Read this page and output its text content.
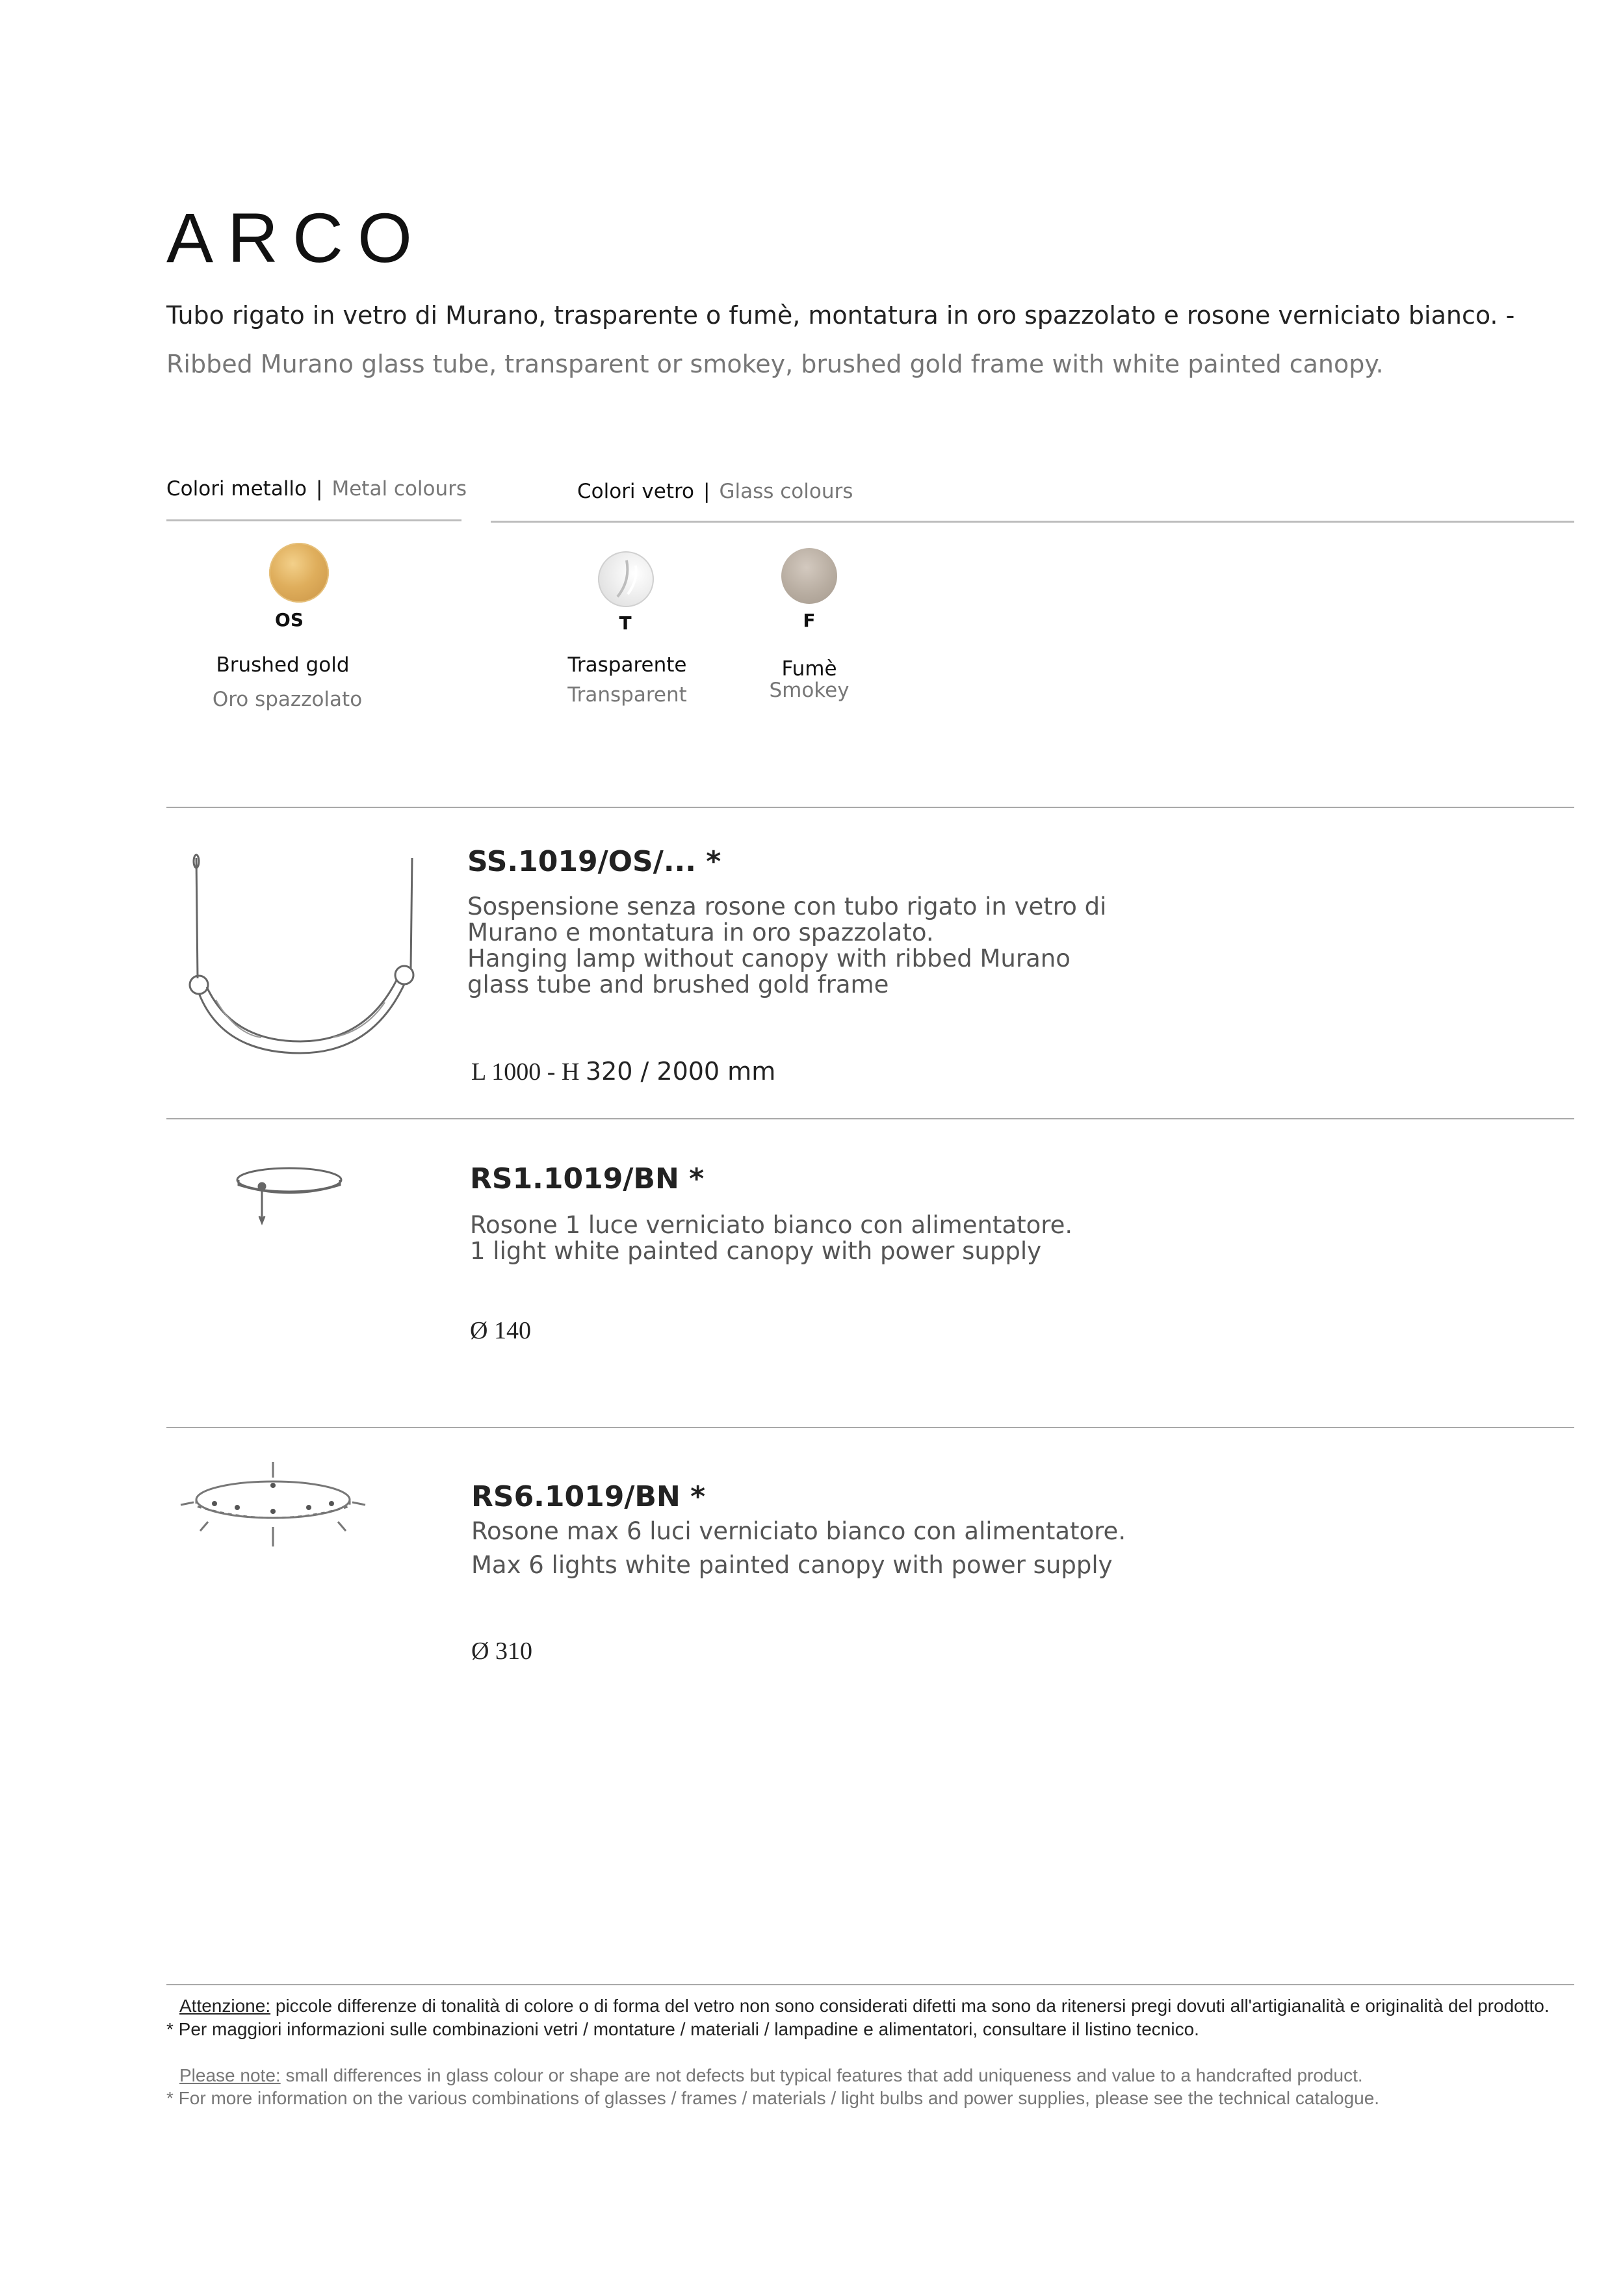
ARCO
Tubo rigato in vetro di Murano, trasparente o fumè, montatura in oro spazzolato e rosone verniciato bianco. -Ribbed Murano glass tube, transparent or smokey, brushed gold frame with white painted canopy.
Colori metallo | Metal colours	Colori vetro | Glass colours
OS
Brushed gold
Oro spazzolato
T
Trasparente
Transparent
F
Fumè
Smokey
SS.1019/OS/... *
Sospensione senza rosone con tubo rigato in vetro di
Murano e montatura in oro spazzolato.
Hanging lamp without canopy with ribbed Murano
glass tube and brushed gold frame
L 1000 - H 320 / 2000 mm
RS1.1019/BN *
Rosone 1 luce verniciato bianco con alimentatore.
1 light white painted canopy with power supply
Ø 140
RS6.1019/BN *
Rosone max 6 luci verniciato bianco con alimentatore.
Max 6 lights white painted canopy with power supply
Ø 310
Attenzione: piccole differenze di tonalità di colore o di forma del vetro non sono considerati difetti ma sono da ritenersi pregi dovuti all'artigianalità e originalità del prodotto.
* Per maggiori informazioni sulle combinazioni vetri / montature / materiali / lampadine e alimentatori, consultare il listino tecnico.
Please note: small differences in glass colour or shape are not defects but typical features that add uniqueness and value to a handcrafted product.
* For more information on the various combinations of glasses / frames / materials / light bulbs and power supplies, please see the technical catalogue.
